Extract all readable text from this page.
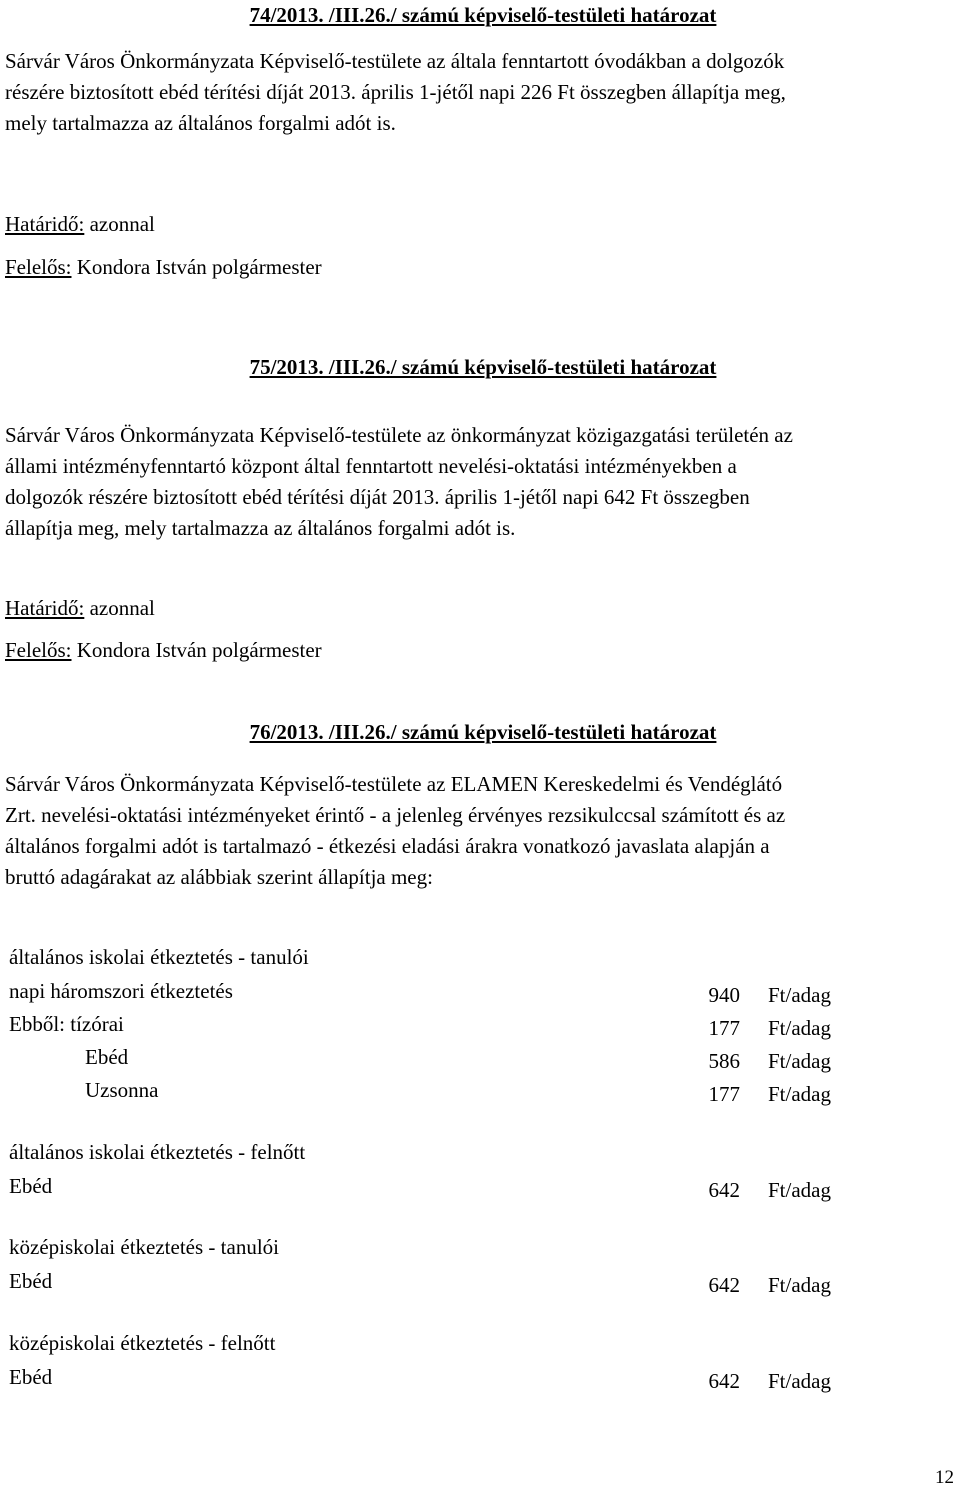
74/2013. /III.26./ számú képviselő-testületi határozat
Sárvár Város Önkormányzata Képviselő-testülete az általa fenntartott óvodákban a dolgozók
részére biztosított ebéd térítési díját 2013. április 1-jétől napi 226 Ft összegben állapítja meg,
mely tartalmazza az általános forgalmi adót is.
Határidő: azonnal
Felelős: Kondora István polgármester
75/2013. /III.26./ számú képviselő-testületi határozat
Sárvár Város Önkormányzata Képviselő-testülete az önkormányzat közigazgatási területén az
állami intézményfenntartó központ által fenntartott nevelési-oktatási intézményekben a
dolgozók részére biztosított ebéd térítési díját 2013. április 1-jétől napi 642 Ft összegben
állapítja meg, mely tartalmazza az általános forgalmi adót is.
Határidő: azonnal
Felelős: Kondora István polgármester
76/2013. /III.26./ számú képviselő-testületi határozat
Sárvár Város Önkormányzata Képviselő-testülete az ELAMEN Kereskedelmi és Vendéglátó
Zrt. nevelési-oktatási intézményeket érintő - a jelenleg érvényes rezsikulccsal számított és az
általános forgalmi adót is tartalmazó - étkezési eladási árakra vonatkozó javaslata alapján a
bruttó adagárakat az alábbiak szerint állapítja meg:
általános iskolai étkeztetés - tanulói
napi háromszori étkeztetés	940 Ft/adag
Ebből: tízórai	177 Ft/adag
Ebéd	586 Ft/adag
Uzsonna	177 Ft/adag
általános iskolai étkeztetés - felnőtt
Ebéd	642 Ft/adag
középiskolai étkeztetés - tanulói
Ebéd	642 Ft/adag
középiskolai étkeztetés - felnőtt
Ebéd	642 Ft/adag
12
